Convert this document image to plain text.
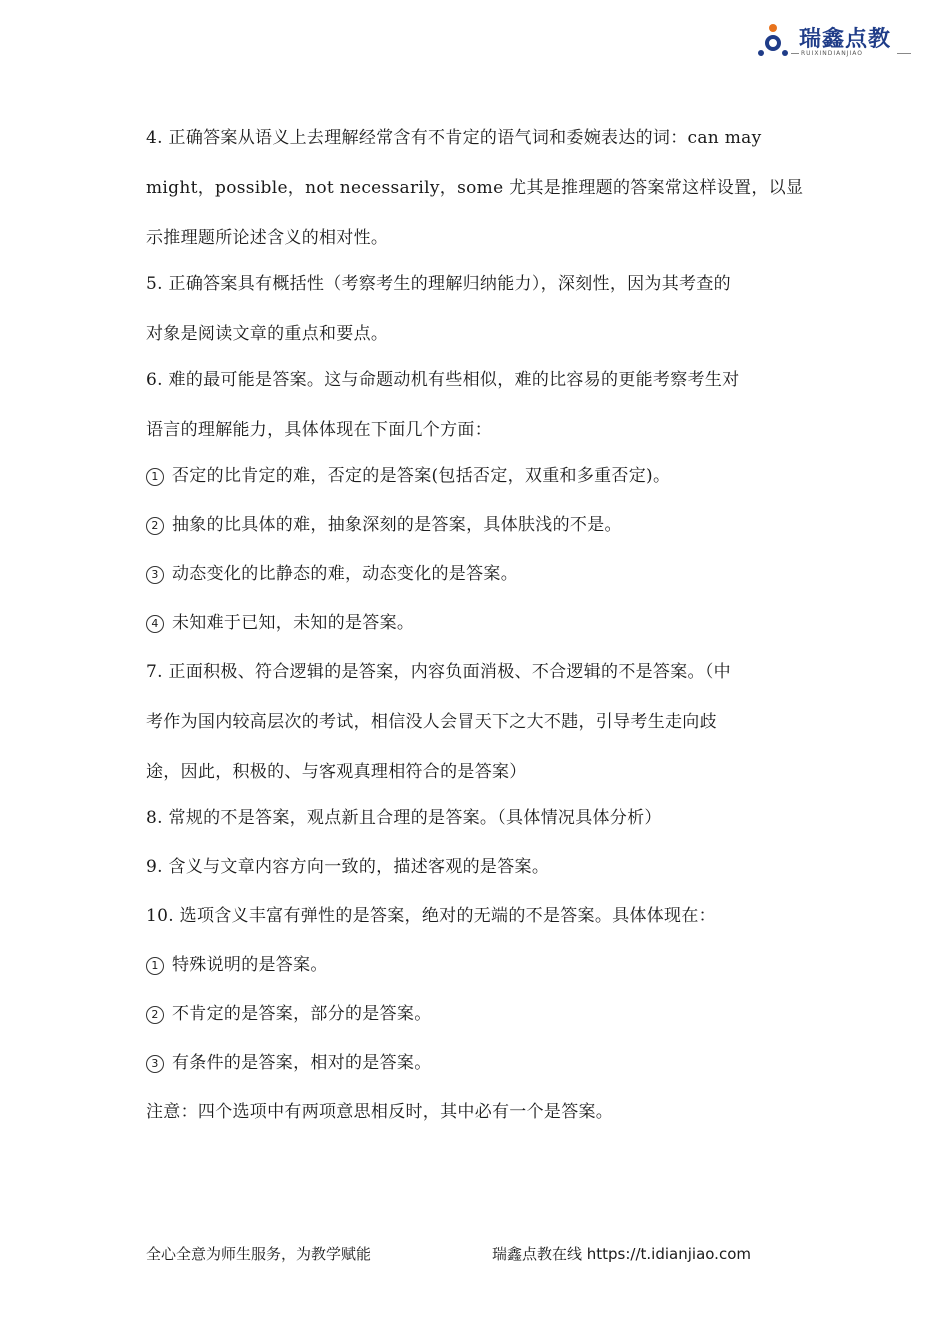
瑞鑫点教
RUIXINDIANJIAO
4. 正确答案从语义上去理解经常含有不肯定的语气词和委婉表达的词：can may
might，possible，not necessarily，some 尤其是推理题的答案常这样设置，以显
示推理题所论述含义的相对性。
5. 正确答案具有概括性（考察考生的理解归纳能力），深刻性，因为其考查的
对象是阅读文章的重点和要点。
6. 难的最可能是答案。这与命题动机有些相似，难的比容易的更能考察考生对
语言的理解能力，具体体现在下面几个方面：
1 否定的比肯定的难，否定的是答案(包括否定，双重和多重否定)。
2 抽象的比具体的难，抽象深刻的是答案，具体肤浅的不是。
3 动态变化的比静态的难，动态变化的是答案。
4 未知难于已知，未知的是答案。
7. 正面积极、符合逻辑的是答案，内容负面消极、不合逻辑的不是答案。（中
考作为国内较高层次的考试，相信没人会冒天下之大不韪，引导考生走向歧
途，因此，积极的、与客观真理相符合的是答案）
8. 常规的不是答案，观点新且合理的是答案。（具体情况具体分析）
9. 含义与文章内容方向一致的，描述客观的是答案。
10. 选项含义丰富有弹性的是答案，绝对的无端的不是答案。具体体现在：
1 特殊说明的是答案。
2 不肯定的是答案，部分的是答案。
3 有条件的是答案，相对的是答案。
注意：四个选项中有两项意思相反时，其中必有一个是答案。
全心全意为师生服务，为教学赋能	瑞鑫点教在线 https://t.idianjiao.com
